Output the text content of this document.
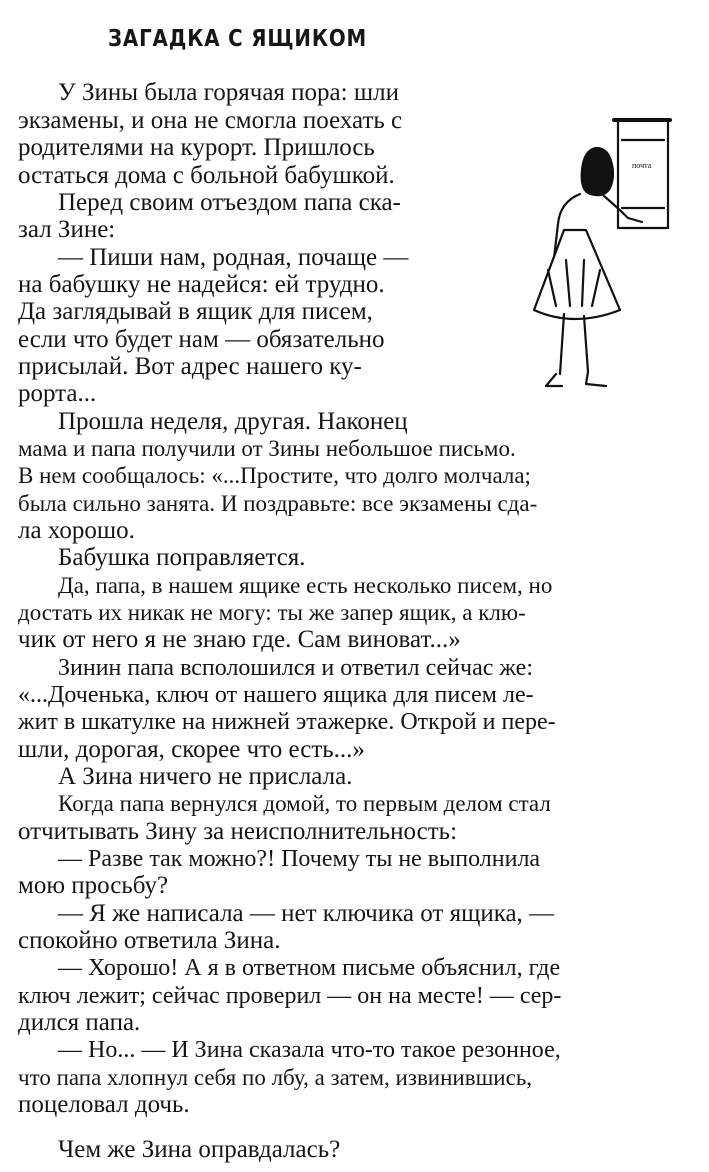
ЗАГАДКА С ЯЩИКОМ
почта
У Зины была горячая пора: шли
экзамены, и она не смогла поехать с
родителями на курорт. Пришлось
остаться дома с больной бабушкой.
Перед своим отъездом папа ска-
зал Зине:
— Пиши нам, родная, почаще —
на бабушку не надейся: ей трудно.
Да заглядывай в ящик для писем,
если что будет нам — обязательно
присылай. Вот адрес нашего ку-
рорта...
Прошла неделя, другая. Наконец
мама и папа получили от Зины небольшое письмо.
В нем сообщалось: «...Простите, что долго молчала;
была сильно занята. И поздравьте: все экзамены сда-
ла хорошо.
Бабушка поправляется.
Да, папа, в нашем ящике есть несколько писем, но
достать их никак не могу: ты же запер ящик, а клю-
чик от него я не знаю где. Сам виноват...»
Зинин папа всполошился и ответил сейчас же:
«...Доченька, ключ от нашего ящика для писем ле-
жит в шкатулке на нижней этажерке. Открой и пере-
шли, дорогая, скорее что есть...»
А Зина ничего не прислала.
Когда папа вернулся домой, то первым делом стал
отчитывать Зину за неисполнительность:
— Разве так можно?! Почему ты не выполнила
мою просьбу?
— Я же написала — нет ключика от ящика, —
спокойно ответила Зина.
— Хорошо! А я в ответном письме объяснил, где
ключ лежит; сейчас проверил — он на месте! — сер-
дился папа.
— Но... — И Зина сказала что-то такое резонное,
что папа хлопнул себя по лбу, а затем, извинившись,
поцеловал дочь.
Чем же Зина оправдалась?
